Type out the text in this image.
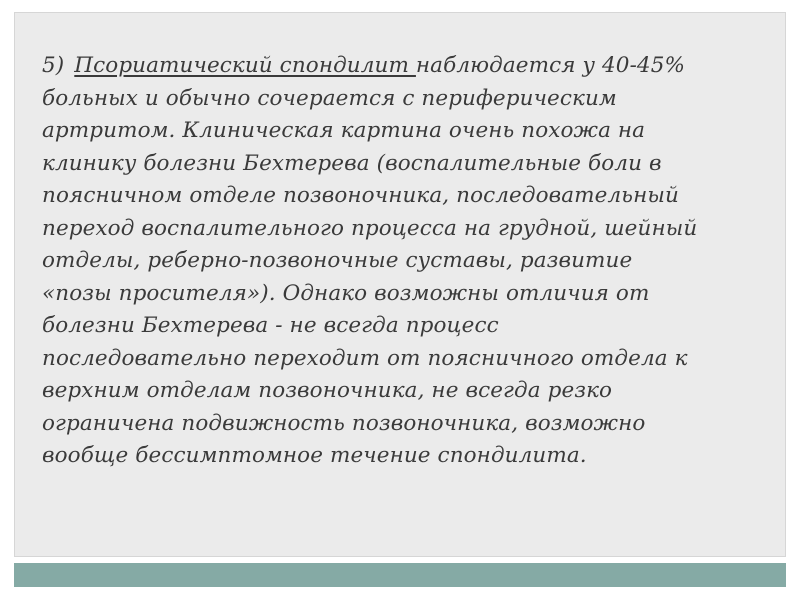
5) Псориатический спондилит наблюдается у 40-45%
больных и обычно сочерается с периферическим
артритом. Клиническая картина очень похожа на
клинику болезни Бехтерева (воспалительные боли в
поясничном отделе позвоночника, последовательный
переход воспалительного процесса на грудной, шейный
отделы, реберно-позвоночные суставы, развитие
«позы просителя»). Однако возможны отличия от
болезни Бехтерева - не всегда процесс
последовательно переходит от поясничного отдела к
верхним отделам позвоночника, не всегда резко
ограничена подвижность позвоночника, возможно
вообще бессимптомное течение спондилита.
